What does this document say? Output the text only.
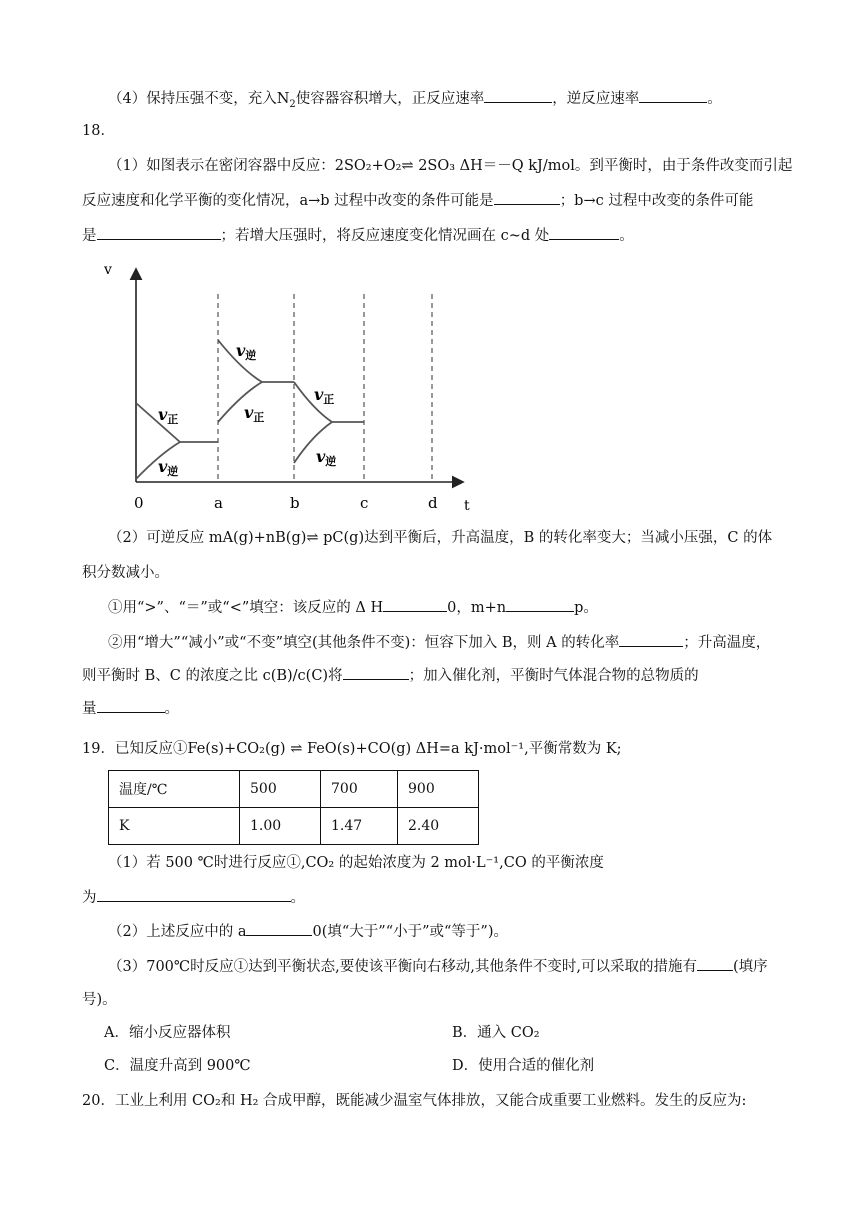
（4）保持压强不变，充入$N_2$使容器容积增大，正反应速率	，逆反应速率	。
18．
（1）如图表示在密闭容器中反应：2SO₂+O₂⇌ 2SO₃ ΔH＝－Q kJ/mol。到平衡时，由于条件改变而引起
反应速度和化学平衡的变化情况，a→b 过程中改变的条件可能是	；b→c 过程中改变的条件可能
是	；若增大压强时，将反应速度变化情况画在 c~d 处	。
v
t
0	a	b	c	d
v正
v逆
v逆
v正
v正
v逆
（2）可逆反应 mA(g)+nB(g)⇌ pC(g)达到平衡后，升高温度，B 的转化率变大；当减小压强，C 的体
积分数减小。
①用“>”、“＝”或“<”填空：该反应的 Δ H	0，m+n	p。
②用“增大”“减小”或“不变”填空(其他条件不变)：恒容下加入 B，则 A 的转化率	；升高温度，
则平衡时 B、C 的浓度之比 c(B)/c(C)将	；加入催化剂，平衡时气体混合物的总物质的
量	。
19．已知反应①Fe(s)+CO₂(g) ⇌ FeO(s)+CO(g) ΔH=a kJ·mol⁻¹,平衡常数为 K;
温度/℃	500	700	900
K	1.00	1.47	2.40
（1）若 500 ℃时进行反应①,CO₂ 的起始浓度为 2 mol·L⁻¹,CO 的平衡浓度
为	。
（2）上述反应中的 a	0(填“大于”“小于”或“等于”)。
（3）700℃时反应①达到平衡状态,要使该平衡向右移动,其他条件不变时,可以采取的措施有 (填序
号)。
A．缩小反应器体积	B．通入 CO₂
C．温度升高到 900℃	D．使用合适的催化剂
20．工业上利用 CO₂和 H₂ 合成甲醇，既能减少温室气体排放，又能合成重要工业燃料。发生的反应为:
